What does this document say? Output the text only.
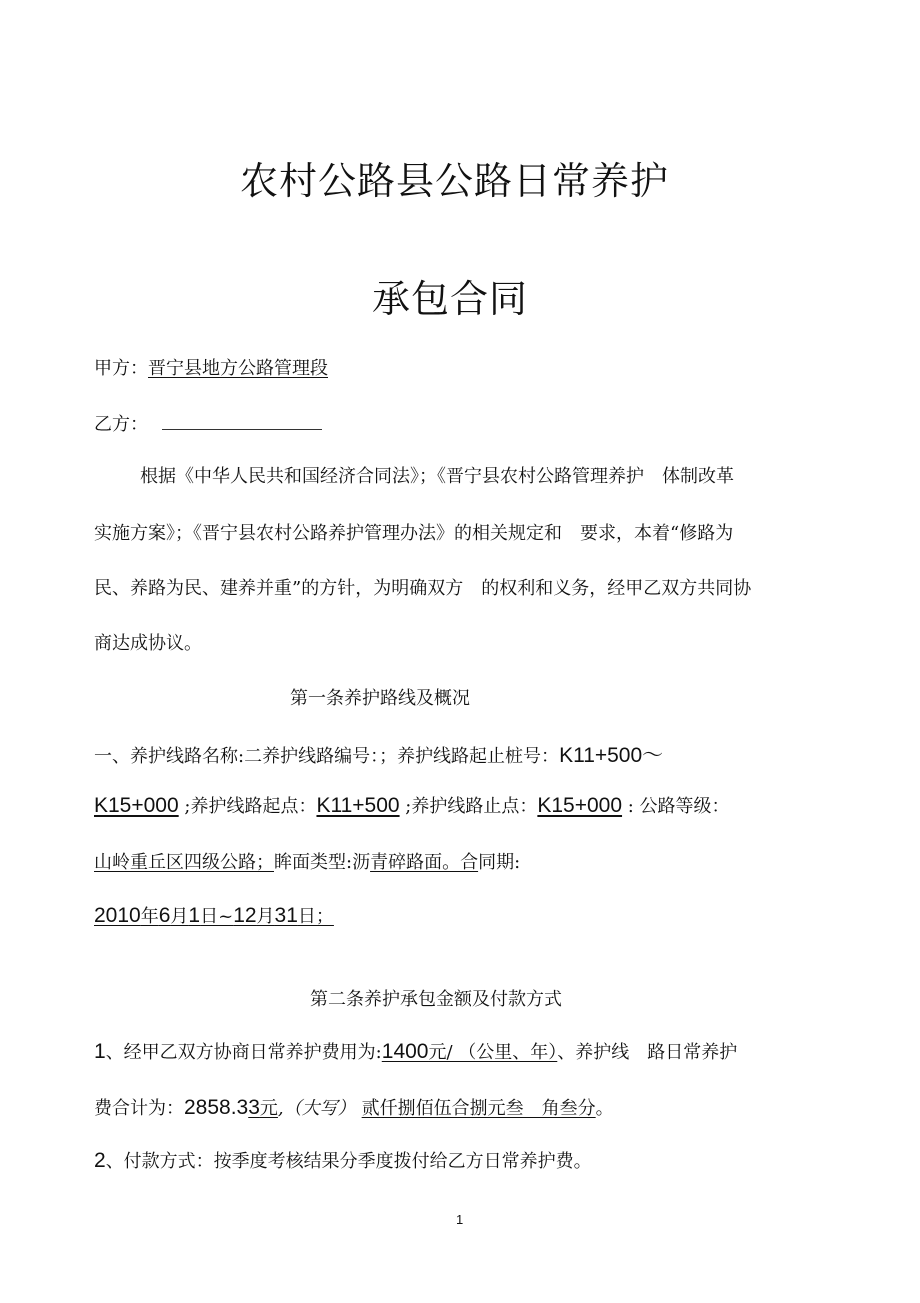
农村公路县公路日常养护
承包合同
甲方：晋宁县地方公路管理段
乙方：
根据《中华人民共和国经济合同法》；《晋宁县农村公路管理养护　体制改革
实施方案》；《晋宁县农村公路养护管理办法》的相关规定和　要求，本着“修路为
民、养路为民、建养并重”的方针，为明确双方　的权利和义务，经甲乙双方共同协
商达成协议。
第一条养护路线及概况
一、养护线路名称:二养护线路编号：；养护线路起止桩号：K11+500～
K15+000 ;养护线路起点：K11+500 ;养护线路止点：K15+000 : 公路等级：
山岭重丘区四级公路；眸面类型:沥青碎路面。合同期:
2010年6月1日~12月31日；
第二条养护承包金额及付款方式
1、经甲乙双方协商日常养护费用为:1400元/ （公里、年）、养护线　路日常养护
费合计为：2858.33元,（大写） 贰仟捌佰伍合捌元叁　角叁分。
2、付款方式：按季度考核结果分季度拨付给乙方日常养护费。
1
